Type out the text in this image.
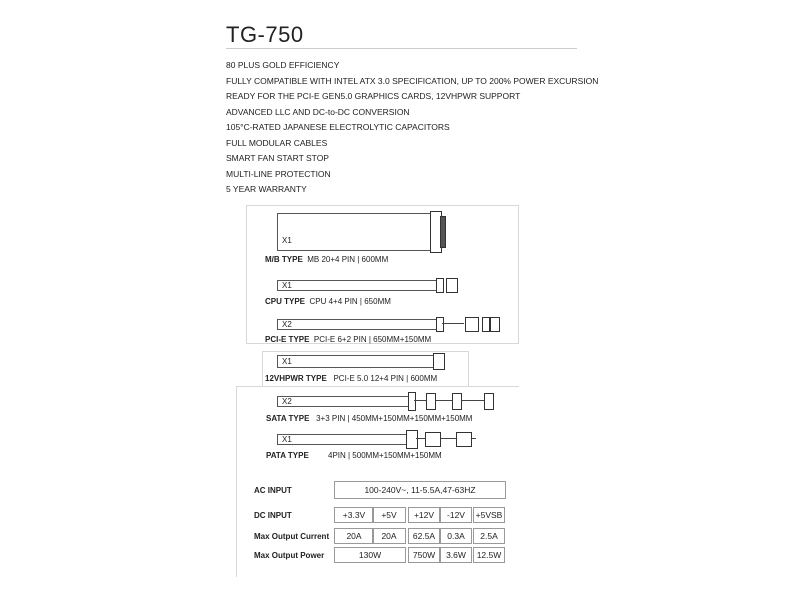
TG-750
80 PLUS GOLD EFFICIENCY
FULLY COMPATIBLE WITH INTEL ATX 3.0 SPECIFICATION, UP TO 200% POWER EXCURSION
READY FOR THE PCI-E GEN5.0 GRAPHICS CARDS, 12VHPWR SUPPORT
ADVANCED LLC AND DC-to-DC CONVERSION
105°C-RATED JAPANESE ELECTROLYTIC CAPACITORS
FULL MODULAR CABLES
SMART FAN START STOP
MULTI-LINE PROTECTION
5 YEAR WARRANTY
X1
M/B TYPE MB 20+4 PIN | 600MM
X1
CPU TYPE CPU 4+4 PIN | 650MM
X2
PCI-E TYPE PCI-E 6+2 PIN | 650MM+150MM
X1
12VHPWR TYPE PCI-E 5.0 12+4 PIN | 600MM
X2
SATA TYPE 3+3 PIN | 450MM+150MM+150MM+150MM
X1
PATA TYPE 4PIN | 500MM+150MM+150MM
AC INPUT	100-240V~, 11-5.5A,47-63HZ
DC INPUT	+3.3V	+5V	+12V	-12V	+5VSB
Max Output Current	20A	20A	62.5A	0.3A	2.5A
Max Output Power	130W	750W	3.6W	12.5W
